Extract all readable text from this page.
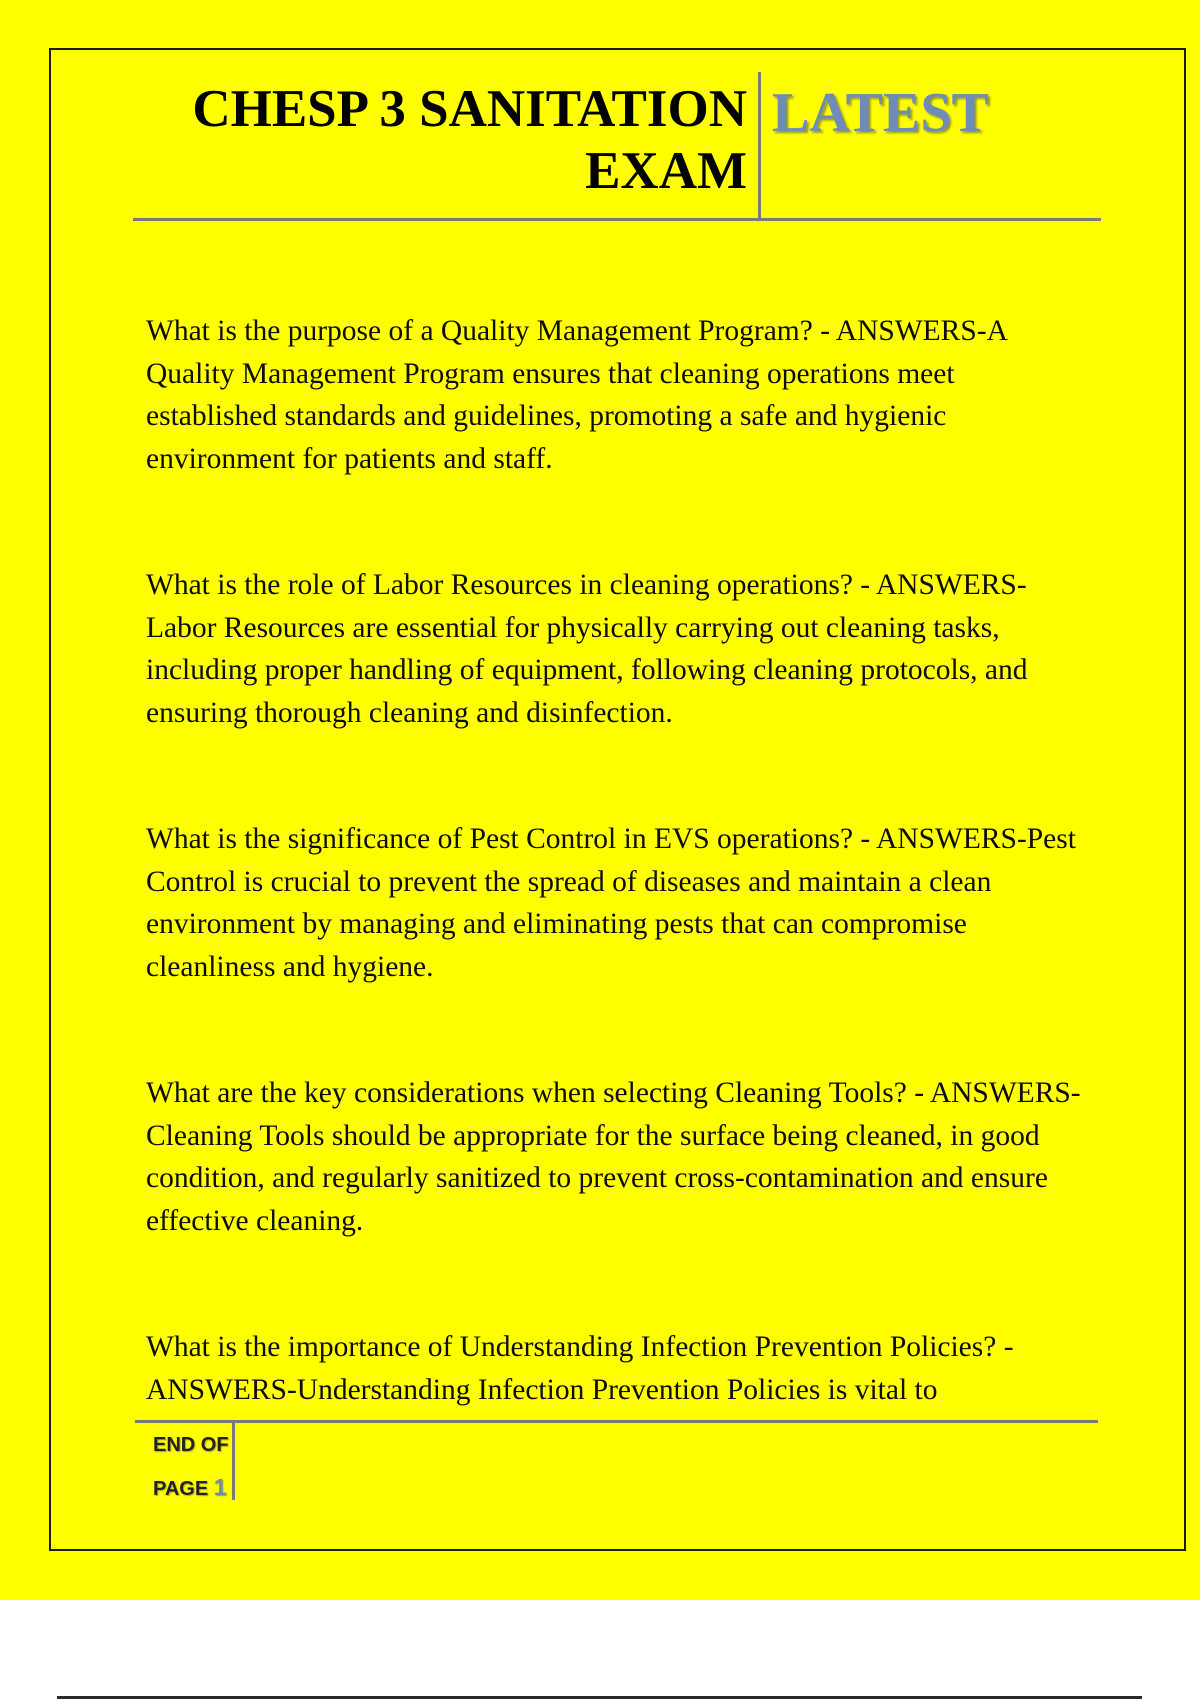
CHESP 3 SANITATION
EXAM
LATEST

What is the purpose of a Quality Management Program? - ANSWERS-A Quality Management Program ensures that cleaning operations meet established standards and guidelines, promoting a safe and hygienic environment for patients and staff.

What is the role of Labor Resources in cleaning operations? - ANSWERS-Labor Resources are essential for physically carrying out cleaning tasks, including proper handling of equipment, following cleaning protocols, and ensuring thorough cleaning and disinfection.

What is the significance of Pest Control in EVS operations? - ANSWERS-Pest Control is crucial to prevent the spread of diseases and maintain a clean environment by managing and eliminating pests that can compromise cleanliness and hygiene.

What are the key considerations when selecting Cleaning Tools? - ANSWERS-Cleaning Tools should be appropriate for the surface being cleaned, in good condition, and regularly sanitized to prevent cross-contamination and ensure effective cleaning.

What is the importance of Understanding Infection Prevention Policies? - ANSWERS-Understanding Infection Prevention Policies is vital to

END OF
PAGE 1
